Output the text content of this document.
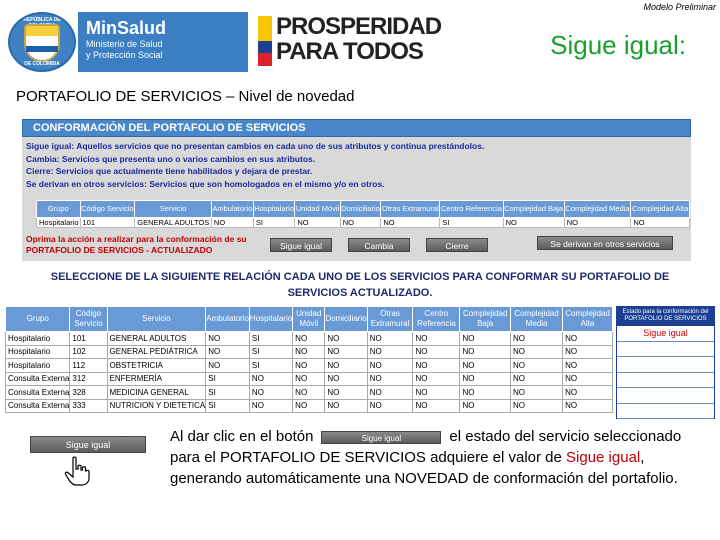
Modelo Preliminar
REPÚBLICA DE
DE COLOMBIA
MinSalud
Ministerio de Salud
y Protección Social
PROSPERIDAD
PARA TODOS	Sigue igual:
PORTAFOLIO DE SERVICIOS – Nivel de novedad
CONFORMACIÓN DEL PORTAFOLIO DE SERVICIOS
Sigue igual: Aquellos servicios que no presentan cambios en cada uno de sus atributos y continua prestándolos.
Cambia: Servicios que presenta uno o varios cambios en sus atributos.
Cierre: Servicios que actualmente tiene habilitados y dejara de prestar.
Se derivan en otros servicios: Servicios que son homologados en el mismo y/o en otros.
Grupo	Código Servicio	Servicio	Ambulatorio	Hospitalario	Unidad Móvil	Domiciliario	Otras Extramural	Centro Referencia	Complejidad Baja	Complejidad Media	Complejidad Alta
Hospitalario	101	GENERAL ADULTOS	NO	SI	NO	NO	NO	SI	NO	NO	NO
Oprima la acción a realizar para la conformación de su
PORTAFOLIO DE SERVICIOS - ACTUALIZADO	Sigue igual	Cambia	Cierre	Se derivan en otros servicios
SELECCIONE DE LA SIGUIENTE RELACIÓN CADA UNO DE LOS SERVICIOS PARA CONFORMAR SU PORTAFOLIO DE SERVICIOS ACTUALIZADO.
Grupo	Código Servicio	Servicio	Ambulatorio	Hospitalario	Unidad Móvil	Domiciliario	Otras Extramural	Centro Referencia	Complejidad Baja	Complejidad Media	Complejidad Alta
Hospitalario	101	GENERAL ADULTOS	NO	SI	NO	NO	NO	NO	NO	NO	NO
Hospitalario	102	GENERAL PEDIÁTRICA	NO	SI	NO	NO	NO	NO	NO	NO	NO
Hospitalario	112	OBSTETRICIA	NO	SI	NO	NO	NO	NO	NO	NO	NO
Consulta Externa	312	ENFERMERÍA	SI	NO	NO	NO	NO	NO	NO	NO	NO
Consulta Externa	328	MEDICINA GENERAL	SI	NO	NO	NO	NO	NO	NO	NO	NO
Consulta Externa	333	NUTRICION Y DIETETICA	SI	NO	NO	NO	NO	NO	NO	NO	NO
Estado para la conformación del PORTAFOLIO DE SERVICIOS
Sigue igual
Sigue igual	Al dar clic en el botón	Sigue igual	el estado del servicio seleccionado para el PORTAFOLIO DE SERVICIOS adquiere el valor de Sigue igual, generando automáticamente una NOVEDAD de conformación del portafolio.
